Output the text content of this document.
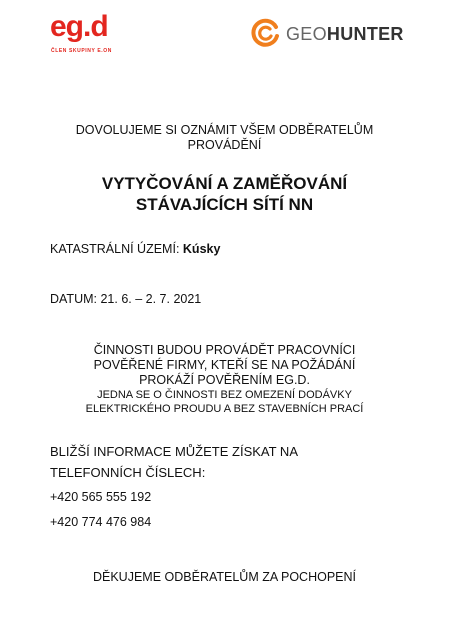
eg.d
ČLEN SKUPINY E.ON
GEOHUNTER
DOVOLUJEME SI OZNÁMIT VŠEM ODBĚRATELŮM
PROVÁDĚNÍ
VYTYČOVÁNÍ A ZAMĚŘOVÁNÍ
STÁVAJÍCÍCH SÍTÍ NN
KATASTRÁLNÍ ÚZEMÍ: Kúsky
DATUM: 21. 6. – 2. 7. 2021
ČINNOSTI BUDOU PROVÁDĚT PRACOVNÍCI
POVĚŘENÉ FIRMY, KTEŘÍ SE NA POŽÁDÁNÍ
PROKÁŽÍ POVĚŘENÍM EG.D.
JEDNA SE O ČINNOSTI BEZ OMEZENÍ DODÁVKY
ELEKTRICKÉHO PROUDU A BEZ STAVEBNÍCH PRACÍ
BLIŽŠÍ INFORMACE MŮŽETE ZÍSKAT NA
TELEFONNÍCH ČÍSLECH:
+420 565 555 192
+420 774 476 984
DĚKUJEME ODBĚRATELŮM ZA POCHOPENÍ
